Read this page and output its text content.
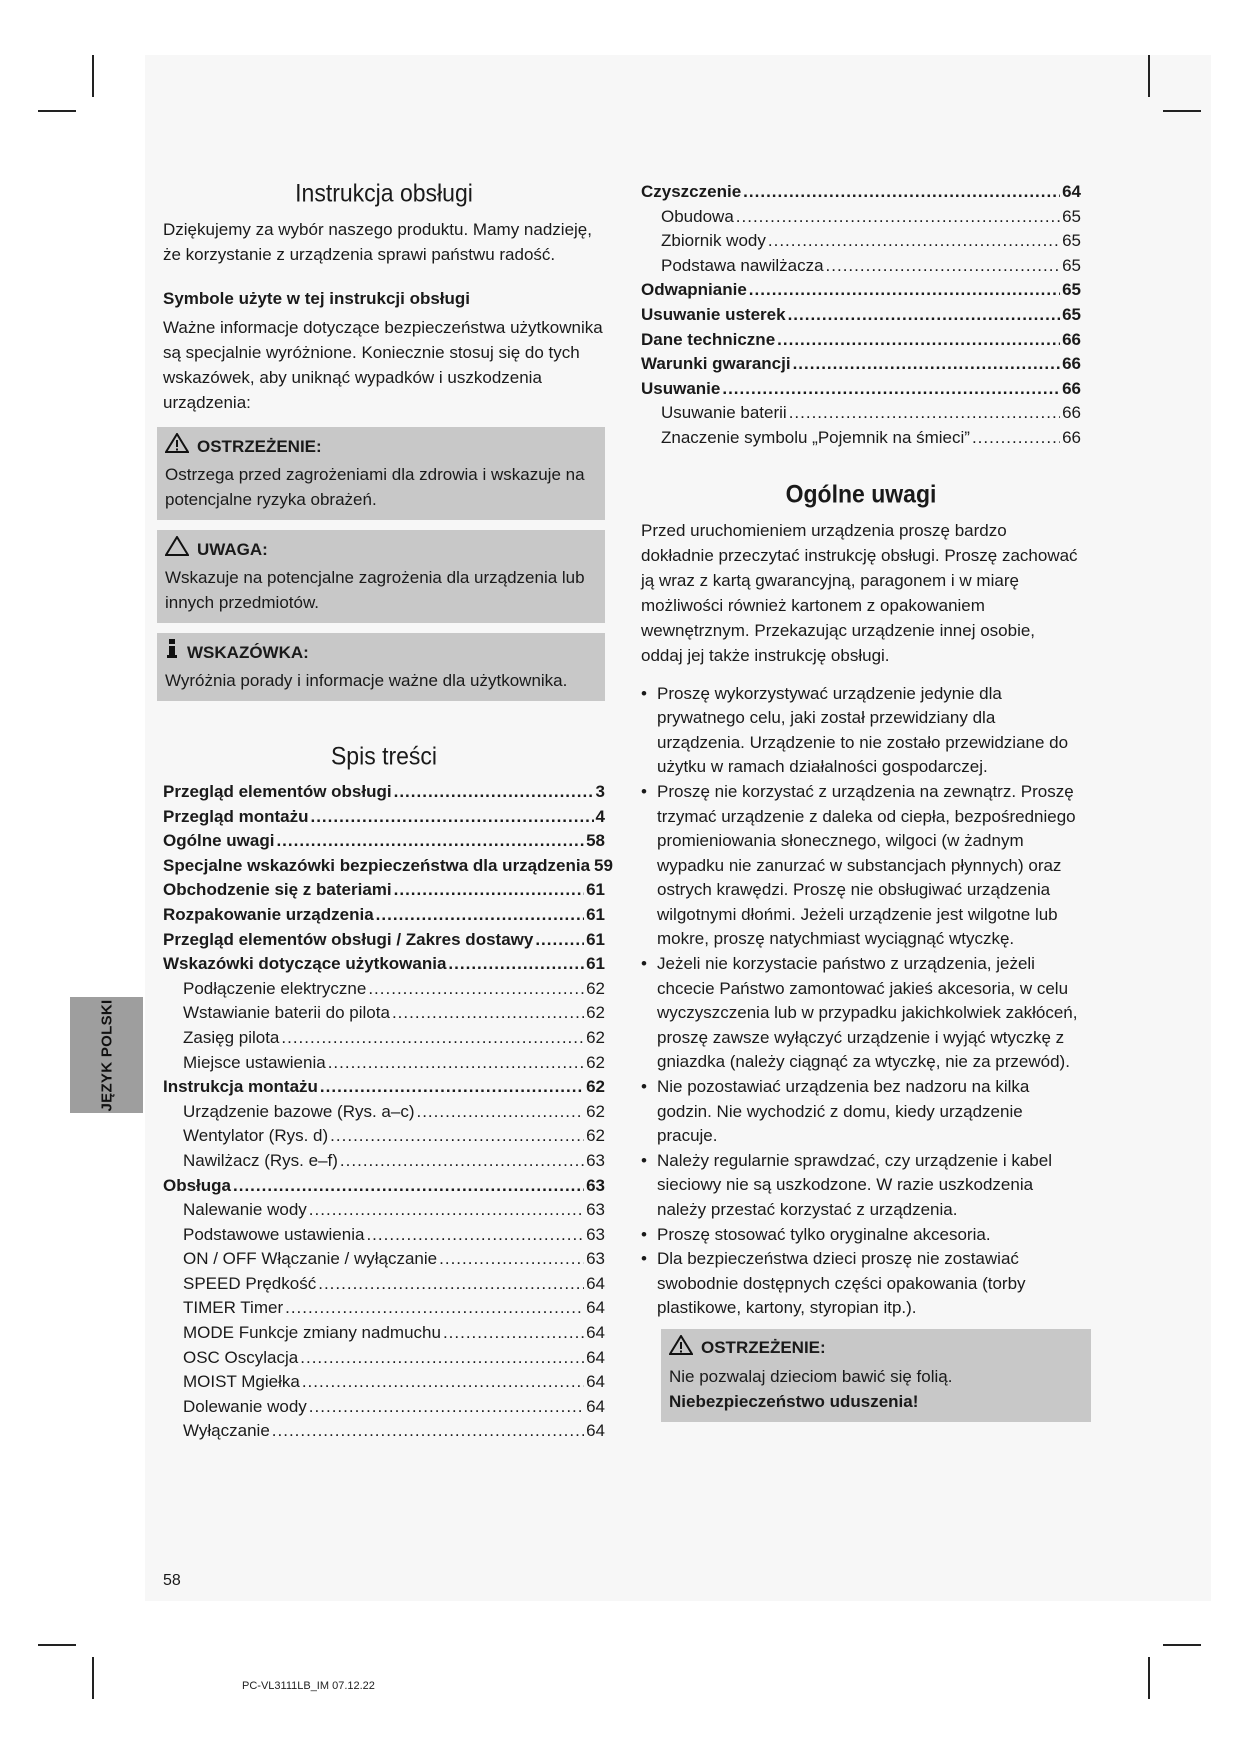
Instrukcja obsługi

Dziękujemy za wybór naszego produktu. Mamy nadzieję, że korzystanie z urządzenia sprawi państwu radość.

Symbole użyte w tej instrukcji obsługi

Ważne informacje dotyczące bezpieczeństwa użytkownika są specjalnie wyróżnione. Koniecznie stosuj się do tych wskazówek, aby uniknąć wypadków i uszkodzenia urządzenia:

OSTRZEŻENIE:

Ostrzega przed zagrożeniami dla zdrowia i wskazuje na potencjalne ryzyka obrażeń.

UWAGA:

Wskazuje na potencjalne zagrożenia dla urządzenia lub innych przedmiotów.

WSKAZÓWKA:

Wyróżnia porady i informacje ważne dla użytkownika.

Spis treści
Przegląd elementów obsługi .....	3
Przegląd montażu .....	4
Ogólne uwagi .....	58
Specjalne wskazówki bezpieczeństwa dla urządzenia 59
Obchodzenie się z bateriami .....	61
Rozpakowanie urządzenia .....	61
Przegląd elementów obsługi / Zakres dostawy .....	61
Wskazówki dotyczące użytkowania .....	61
Podłączenie elektryczne .....	62
Wstawianie baterii do pilota .....	62
Zasięg pilota .....	62
Miejsce ustawienia .....	62
Instrukcja montażu .....	62
Urządzenie bazowe (Rys. a–c) .....	62
Wentylator (Rys. d) .....	62
Nawilżacz (Rys. e–f) .....	63
Obsługa .....	63
Nalewanie wody .....	63
Podstawowe ustawienia .....	63
ON / OFF Włączanie / wyłączanie .....	63
SPEED Prędkość .....	64
TIMER Timer .....	64
MODE Funkcje zmiany nadmuchu .....	64
OSC Oscylacja .....	64
MOIST Mgiełka .....	64
Dolewanie wody .....	64
Wyłączanie .....	64
Czyszczenie .....	64
Obudowa .....	65
Zbiornik wody .....	65
Podstawa nawilżacza .....	65
Odwapnianie .....	65
Usuwanie usterek .....	65
Dane techniczne .....	66
Warunki gwarancji .....	66
Usuwanie .....	66
Usuwanie baterii .....	66
Znaczenie symbolu „Pojemnik na śmieci” .....	66
Ogólne uwagi

Przed uruchomieniem urządzenia proszę bardzo dokładnie przeczytać instrukcję obsługi. Proszę zachować ją wraz z kartą gwarancyjną, paragonem i w miarę możliwości również kartonem z opakowaniem wewnętrznym. Przekazując urządzenie innej osobie, oddaj jej także instrukcję obsługi.

• Proszę wykorzystywać urządzenie jedynie dla prywatnego celu, jaki został przewidziany dla urządzenia. Urządzenie to nie zostało przewidziane do użytku w ramach działalności gospodarczej.
• Proszę nie korzystać z urządzenia na zewnątrz. Proszę trzymać urządzenie z daleka od ciepła, bezpośredniego promieniowania słonecznego, wilgoci (w żadnym wypadku nie zanurzać w substancjach płynnych) oraz ostrych krawędzi. Proszę nie obsługiwać urządzenia wilgotnymi dłońmi. Jeżeli urządzenie jest wilgotne lub mokre, proszę natychmiast wyciągnąć wtyczkę.
• Jeżeli nie korzystacie państwo z urządzenia, jeżeli chcecie Państwo zamontować jakieś akcesoria, w celu wyczyszczenia lub w przypadku jakichkolwiek zakłóceń, proszę zawsze wyłączyć urządzenie i wyjąć wtyczkę z gniazdka (należy ciągnąć za wtyczkę, nie za przewód).
• Nie pozostawiać urządzenia bez nadzoru na kilka godzin. Nie wychodzić z domu, kiedy urządzenie pracuje.
• Należy regularnie sprawdzać, czy urządzenie i kabel sieciowy nie są uszkodzone. W razie uszkodzenia należy przestać korzystać z urządzenia.
• Proszę stosować tylko oryginalne akcesoria.
• Dla bezpieczeństwa dzieci proszę nie zostawiać swobodnie dostępnych części opakowania (torby plastikowe, kartony, styropian itp.).
OSTRZEŻENIE:

Nie pozwalaj dzieciom bawić się folią.

Niebezpieczeństwo uduszenia!
JĘZYK POLSKI
58
PC-VL3111LB_IM 07.12.22
